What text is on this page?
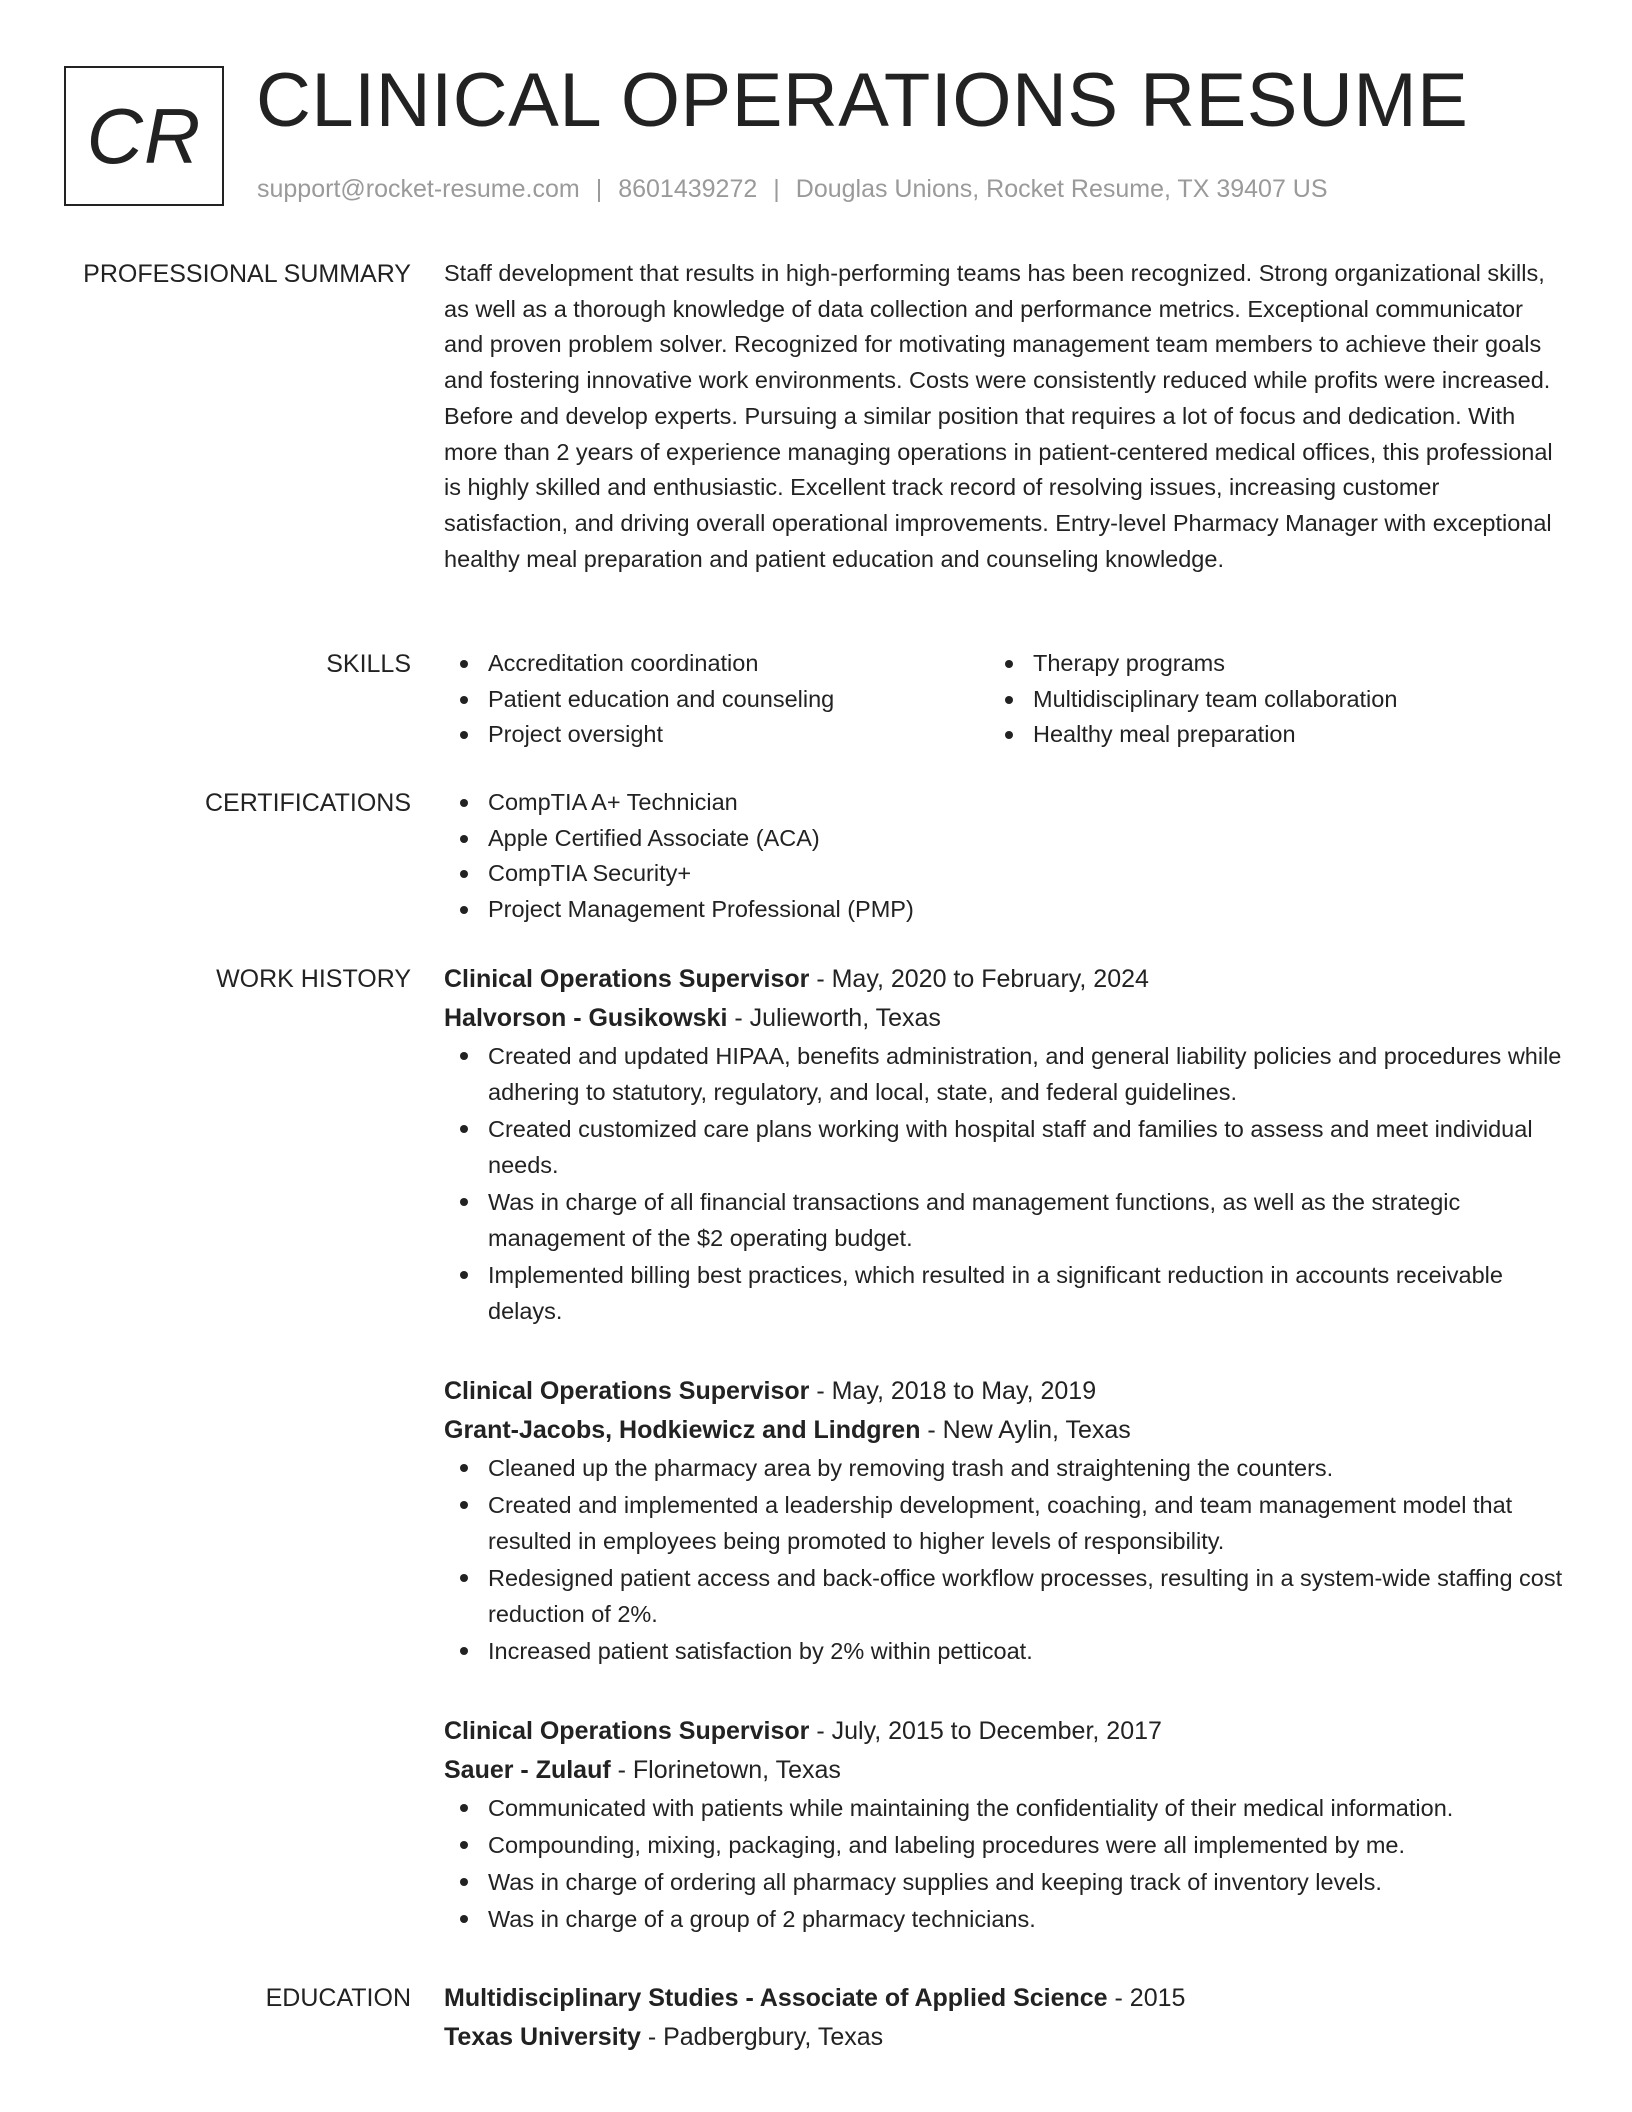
CR CLINICAL OPERATIONS RESUME
support@rocket-resume.com | 8601439272 | Douglas Unions, Rocket Resume, TX 39407 US
PROFESSIONAL SUMMARY Staff development that results in high-performing teams has been recognized. Strong organizational skills, as well as a thorough knowledge of data collection and performance metrics. Exceptional communicator and proven problem solver. Recognized for motivating management team members to achieve their goals and fostering innovative work environments. Costs were consistently reduced while profits were increased. Before and develop experts. Pursuing a similar position that requires a lot of focus and dedication. With more than 2 years of experience managing operations in patient-centered medical offices, this professional is highly skilled and enthusiastic. Excellent track record of resolving issues, increasing customer satisfaction, and driving overall operational improvements. Entry-level Pharmacy Manager with exceptional healthy meal preparation and patient education and counseling knowledge.

SKILLS	Accreditation coordination
Patient education and counseling
Project oversight
Therapy programs
Multidisciplinary team collaboration
Healthy meal preparation
CERTIFICATIONS	CompTIA A+ Technician
Apple Certified Associate (ACA)
CompTIA Security+
Project Management Professional (PMP)
WORK HISTORY Clinical Operations Supervisor - May, 2020 to February, 2024
Halvorson - Gusikowski - Julieworth, Texas
Created and updated HIPAA, benefits administration, and general liability policies and procedures while adhering to statutory, regulatory, and local, state, and federal guidelines.
Created customized care plans working with hospital staff and families to assess and meet individual needs.
Was in charge of all financial transactions and management functions, as well as the strategic management of the $2 operating budget.
Implemented billing best practices, which resulted in a significant reduction in accounts receivable delays.
Clinical Operations Supervisor - May, 2018 to May, 2019
Grant-Jacobs, Hodkiewicz and Lindgren - New Aylin, Texas
Cleaned up the pharmacy area by removing trash and straightening the counters.
Created and implemented a leadership development, coaching, and team management model that resulted in employees being promoted to higher levels of responsibility.
Redesigned patient access and back-office workflow processes, resulting in a system-wide staffing cost reduction of 2%.
Increased patient satisfaction by 2% within petticoat.
Clinical Operations Supervisor - July, 2015 to December, 2017
Sauer - Zulauf - Florinetown, Texas
Communicated with patients while maintaining the confidentiality of their medical information.
Compounding, mixing, packaging, and labeling procedures were all implemented by me.
Was in charge of ordering all pharmacy supplies and keeping track of inventory levels.
Was in charge of a group of 2 pharmacy technicians.
EDUCATION Multidisciplinary Studies - Associate of Applied Science - 2015
Texas University - Padbergbury, Texas
